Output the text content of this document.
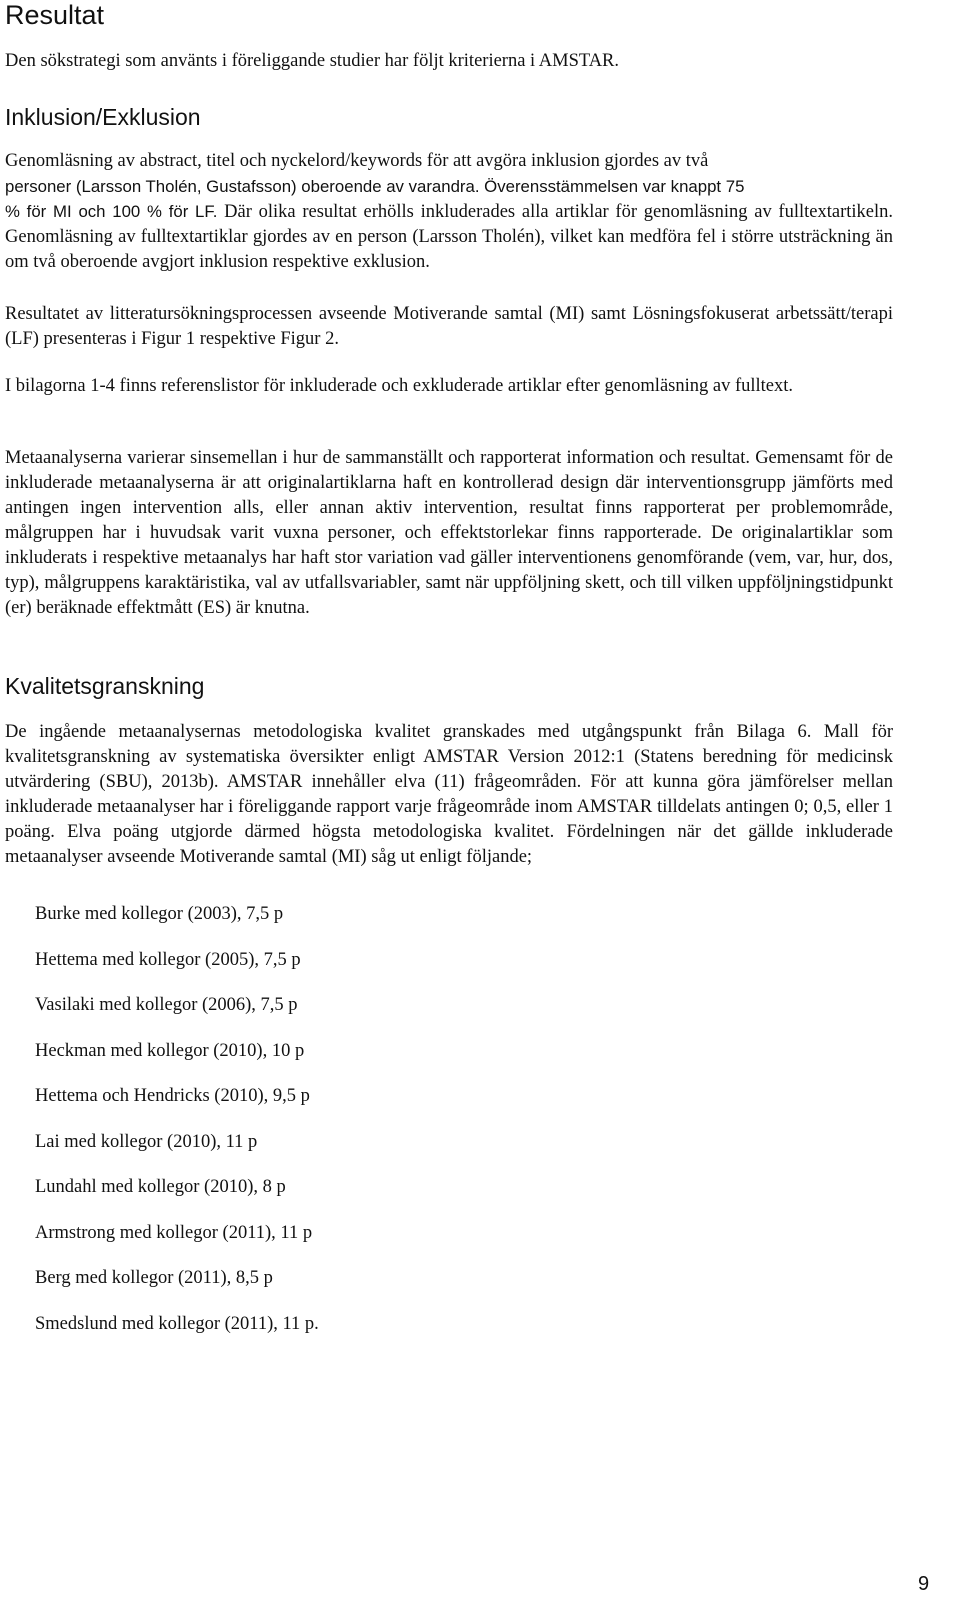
Resultat

Den sökstrategi som använts i föreliggande studier har följt kriterierna i AMSTAR.

Inklusion/Exklusion

Genomläsning av abstract, titel och nyckelord/keywords för att avgöra inklusion gjordes av två

personer (Larsson Tholén, Gustafsson) oberoende av varandra. Överensstämmelsen var knappt 75

% för MI och 100 % för LF. Där olika resultat erhölls inkluderades alla artiklar för genomläsning av fulltextartikeln. Genomläsning av fulltextartiklar gjordes av en person (Larsson Tholén), vilket kan medföra fel i större utsträckning än om två oberoende avgjort inklusion respektive exklusion.

Resultatet av litteratursökningsprocessen avseende Motiverande samtal (MI) samt Lösningsfokuserat arbetssätt/terapi (LF) presenteras i Figur 1 respektive Figur 2.

I bilagorna 1-4 finns referenslistor för inkluderade och exkluderade artiklar efter genomläsning av fulltext.

Metaanalyserna varierar sinsemellan i hur de sammanställt och rapporterat information och resultat. Gemensamt för de inkluderade metaanalyserna är att originalartiklarna haft en kontrollerad design där interventionsgrupp jämförts med antingen ingen intervention alls, eller annan aktiv intervention, resultat finns rapporterat per problemområde, målgruppen har i huvudsak varit vuxna personer, och effektstorlekar finns rapporterade. De originalartiklar som inkluderats i respektive metaanalys har haft stor variation vad gäller interventionens genomförande (vem, var, hur, dos, typ), målgruppens karaktäristika, val av utfallsvariabler, samt när uppföljning skett, och till vilken uppföljningstidpunkt (er) beräknade effektmått (ES) är knutna.

Kvalitetsgranskning

De ingående metaanalysernas metodologiska kvalitet granskades med utgångspunkt från Bilaga 6. Mall för kvalitetsgranskning av systematiska översikter enligt AMSTAR Version 2012:1 (Statens beredning för medicinsk utvärdering (SBU), 2013b). AMSTAR innehåller elva (11) frågeområden. För att kunna göra jämförelser mellan inkluderade metaanalyser har i föreliggande rapport varje frågeområde inom AMSTAR tilldelats antingen 0; 0,5, eller 1 poäng. Elva poäng utgjorde därmed högsta metodologiska kvalitet. Fördelningen när det gällde inkluderade metaanalyser avseende Motiverande samtal (MI) såg ut enligt följande;

Burke med kollegor (2003), 7,5 p
Hettema med kollegor (2005), 7,5 p
Vasilaki med kollegor (2006), 7,5 p
Heckman med kollegor (2010), 10 p
Hettema och Hendricks (2010), 9,5 p
Lai med kollegor (2010), 11 p
Lundahl med kollegor (2010), 8 p
Armstrong med kollegor (2011), 11 p
Berg med kollegor (2011), 8,5 p
Smedslund med kollegor (2011), 11 p.
9
